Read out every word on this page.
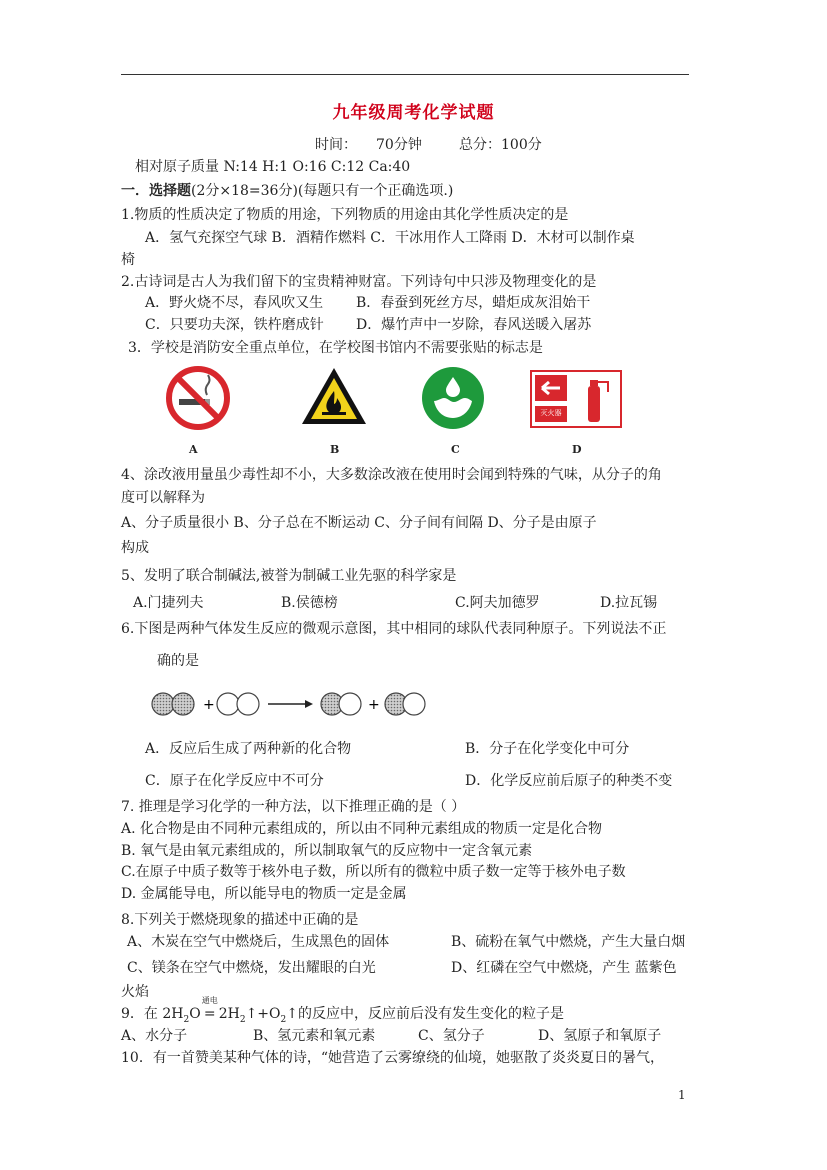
九年级周考化学试题
时间： 70分钟	总分：100分
相对原子质量 N:14 H:1 O:16 C:12 Ca:40
一．选择题(2分×18=36分)(每题只有一个正确选项.)
1.物质的性质决定了物质的用途，下列物质的用途由其化学性质决定的是
A．氢气充探空气球 B．酒精作燃料 C．干冰用作人工降雨 D．木材可以制作桌
椅
2.古诗词是古人为我们留下的宝贵精神财富。下列诗句中只涉及物理变化的是
A．野火烧不尽，春风吹又生 B．春蚕到死丝方尽，蜡炬成灰泪始干
C．只要功夫深，铁杵磨成针 D．爆竹声中一岁除，春风送暖入屠苏
3．学校是消防安全重点单位，在学校图书馆内不需要张贴的标志是
灭火器
A	B	C	D
4、涂改液用量虽少毒性却不小，大多数涂改液在使用时会闻到特殊的气味，从分子的角
度可以解释为
A、分子质量很小 B、分子总在不断运动 C、分子间有间隔 D、分子是由原子
构成
5、发明了联合制碱法,被誉为制碱工业先驱的科学家是
A.门捷列夫	B.侯德榜	C.阿夫加德罗	D.拉瓦锡
6.下图是两种气体发生反应的微观示意图，其中相同的球队代表同种原子。下列说法不正
确的是
+	+
A．反应后生成了两种新的化合物	B．分子在化学变化中可分
C．原子在化学反应中不可分	D．化学反应前后原子的种类不变
7. 推理是学习化学的一种方法，以下推理正确的是（ ）
A. 化合物是由不同种元素组成的，所以由不同种元素组成的物质一定是化合物
B. 氧气是由氧元素组成的，所以制取氧气的反应物中一定含氧元素
C.在原子中质子数等于核外电子数，所以所有的微粒中质子数一定等于核外电子数
D. 金属能导电，所以能导电的物质一定是金属
8.下列关于燃烧现象的描述中正确的是
A、木炭在空气中燃烧后，生成黑色的固体	B、硫粉在氧气中燃烧，产生大量白烟
C、镁条在空气中燃烧，发出耀眼的白光	D、红磷在空气中燃烧，产生 蓝紫色
火焰
9．在 $2H_2O$
通电
= $2H_2↑+O_2↑$的反应中，反应前后没有发生变化的粒子是
A、水分子	B、氢元素和氧元素	C、氢分子	D、氢原子和氧原子
10．有一首赞美某种气体的诗，“她营造了云雾缭绕的仙境，她驱散了炎炎夏日的暑气，
1
